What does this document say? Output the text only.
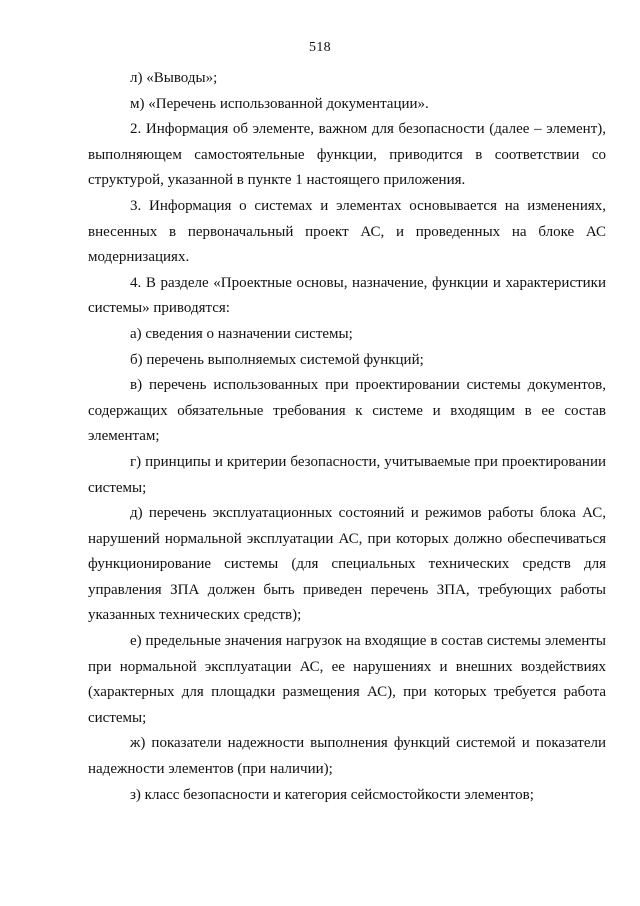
518

л) «Выводы»;

м) «Перечень использованной документации».

2. Информация об элементе, важном для безопасности (далее – элемент), выполняющем самостоятельные функции, приводится в соответствии со структурой, указанной в пункте 1 настоящего приложения.

3. Информация о системах и элементах основывается на изменениях, внесенных в первоначальный проект АС, и проведенных на блоке АС модернизациях.

4. В разделе «Проектные основы, назначение, функции и характеристики системы» приводятся:

а) сведения о назначении системы;

б) перечень выполняемых системой функций;

в) перечень использованных при проектировании системы документов, содержащих обязательные требования к системе и входящим в ее состав элементам;

г) принципы и критерии безопасности, учитываемые при проектировании системы;

д) перечень эксплуатационных состояний и режимов работы блока АС, нарушений нормальной эксплуатации АС, при которых должно обеспечиваться функционирование системы (для специальных технических средств для управления ЗПА должен быть приведен перечень ЗПА, требующих работы указанных технических средств);

е) предельные значения нагрузок на входящие в состав системы элементы при нормальной эксплуатации АС, ее нарушениях и внешних воздействиях (характерных для площадки размещения АС), при которых требуется работа системы;

ж) показатели надежности выполнения функций системой и показатели надежности элементов (при наличии);

з) класс безопасности и категория сейсмостойкости элементов;
